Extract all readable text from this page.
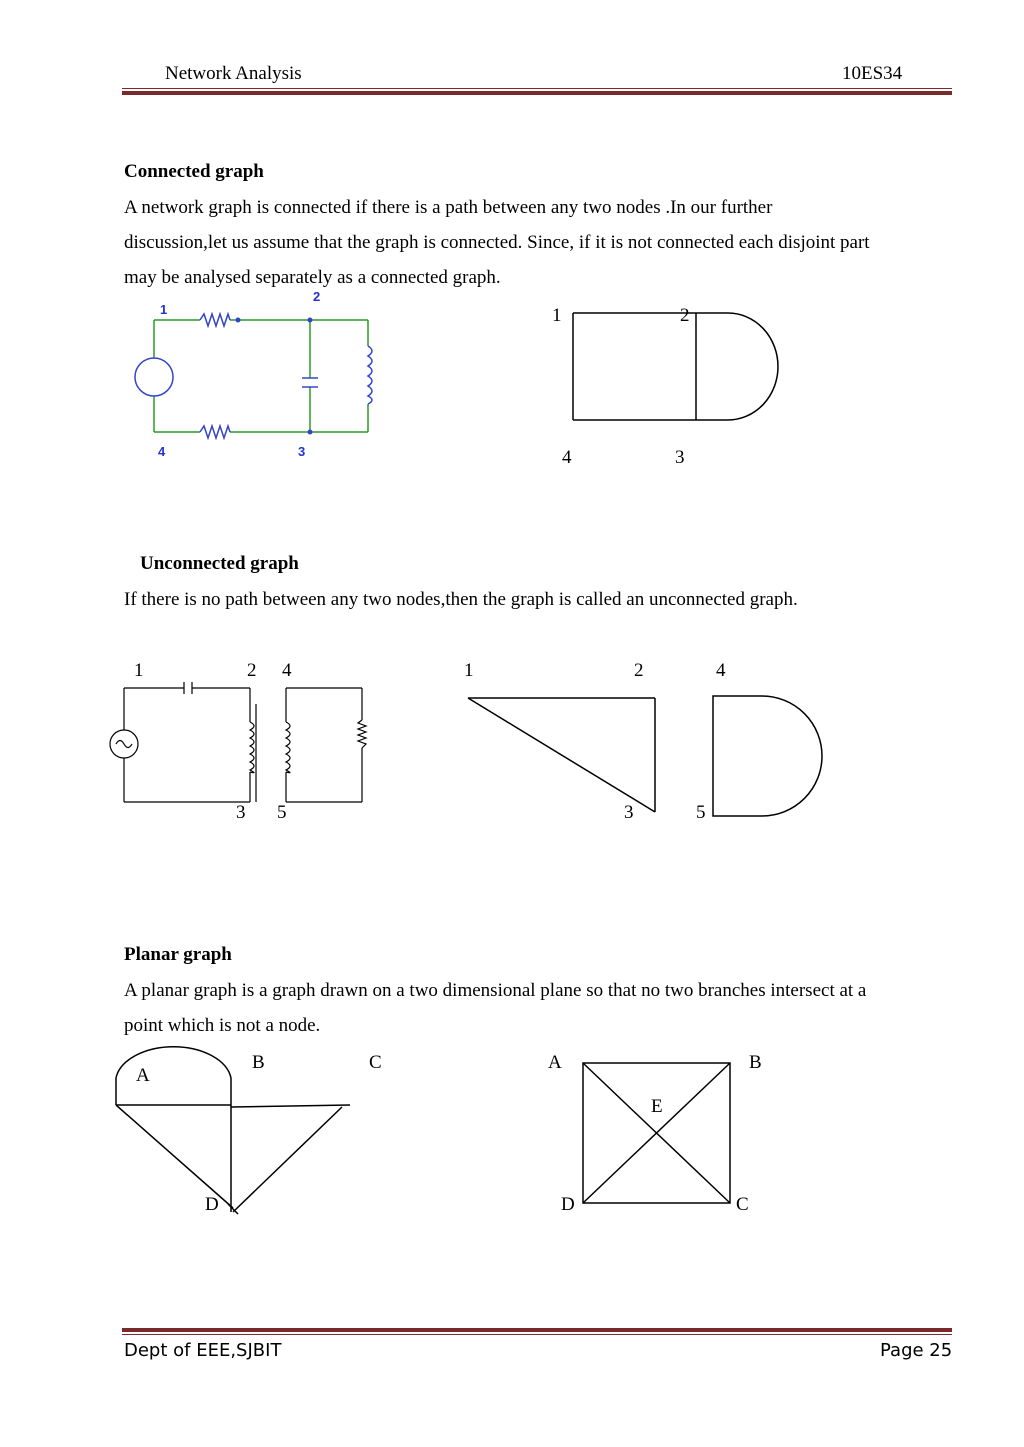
Network Analysis	10ES34
Connected graph
A network graph is connected if there is a path between any two nodes .In our further
discussion,let us assume that the graph is connected. Since, if it is not connected each disjoint part
may be analysed separately as a connected graph.
1
2
3
4
1	2
3
4
Unconnected graph
If there is no path between any two nodes,then the graph is called an unconnected graph.
1	2
3
4
5
1	2
3
4
5
Planar graph
A planar graph is a graph drawn on a two dimensional plane so that no two branches intersect at a
point which is not a node.
A
B	C
D
A	B
C
D
E
Dept of EEE,SJBIT	Page 25
